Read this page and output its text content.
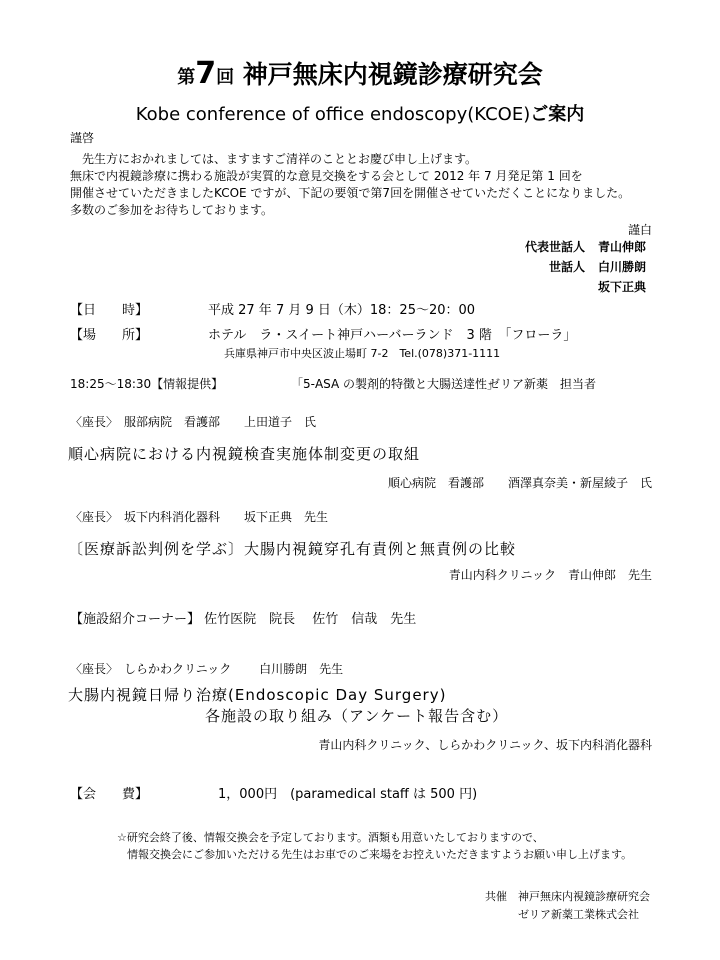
第7回 神戸無床内視鏡診療研究会
Kobe conference of office endoscopy(KCOE)ご案内
謹啓
　先生方におかれましては、ますますご清祥のこととお慶び申し上げます。
無床で内視鏡診療に携わる施設が実質的な意見交換をする会として 2012 年 7 月発足第 1 回を
開催させていただきましたKCOE ですが、下記の要領で第7回を開催させていただくことになりました。
多数のご参加をお待ちしております。
謹白
代表世話人 青山伸郎
世話人 白川勝朗
坂下正典
【日　　時】	平成 27 年 7 月 9 日（木）18：25〜20：00
【場　　所】	ホテル　ラ・スイート神戸ハーバーランド　3 階　「フローラ」
兵庫県神戸市中央区波止場町 7-2　Tel.(078)371-1111
18:25〜18:30【情報提供】	「5-ASA の製剤的特徴と大腸送達性」
ゼリア新薬　担当者
〈座長〉　服部病院　看護部　　上田道子　氏
順心病院における内視鏡検査実施体制変更の取組
順心病院　看護部　　酒澤真奈美・新屋綾子　氏
〈座長〉　坂下内科消化器科　　坂下正典　先生
〔医療訴訟判例を学ぶ〕大腸内視鏡穿孔有責例と無責例の比較
青山内科クリニック　青山伸郎　先生
【施設紹介コーナー】 佐竹医院　院長　 佐竹　信哉　先生
〈座長〉　しらかわクリニック　　 白川勝朗　先生
大腸内視鏡日帰り治療(Endoscopic Day Surgery)
各施設の取り組み（アンケート報告含む）
青山内科クリニック、しらかわクリニック、坂下内科消化器科
【会　　費】	1，000円　(paramedical staff は 500 円)
☆研究会終了後、情報交換会を予定しております。酒類も用意いたしておりますので、
情報交換会にご参加いただける先生はお車でのご来場をお控えいただきますようお願い申し上げます。
共催 神戸無床内視鏡診療研究会
ゼリア新薬工業株式会社
